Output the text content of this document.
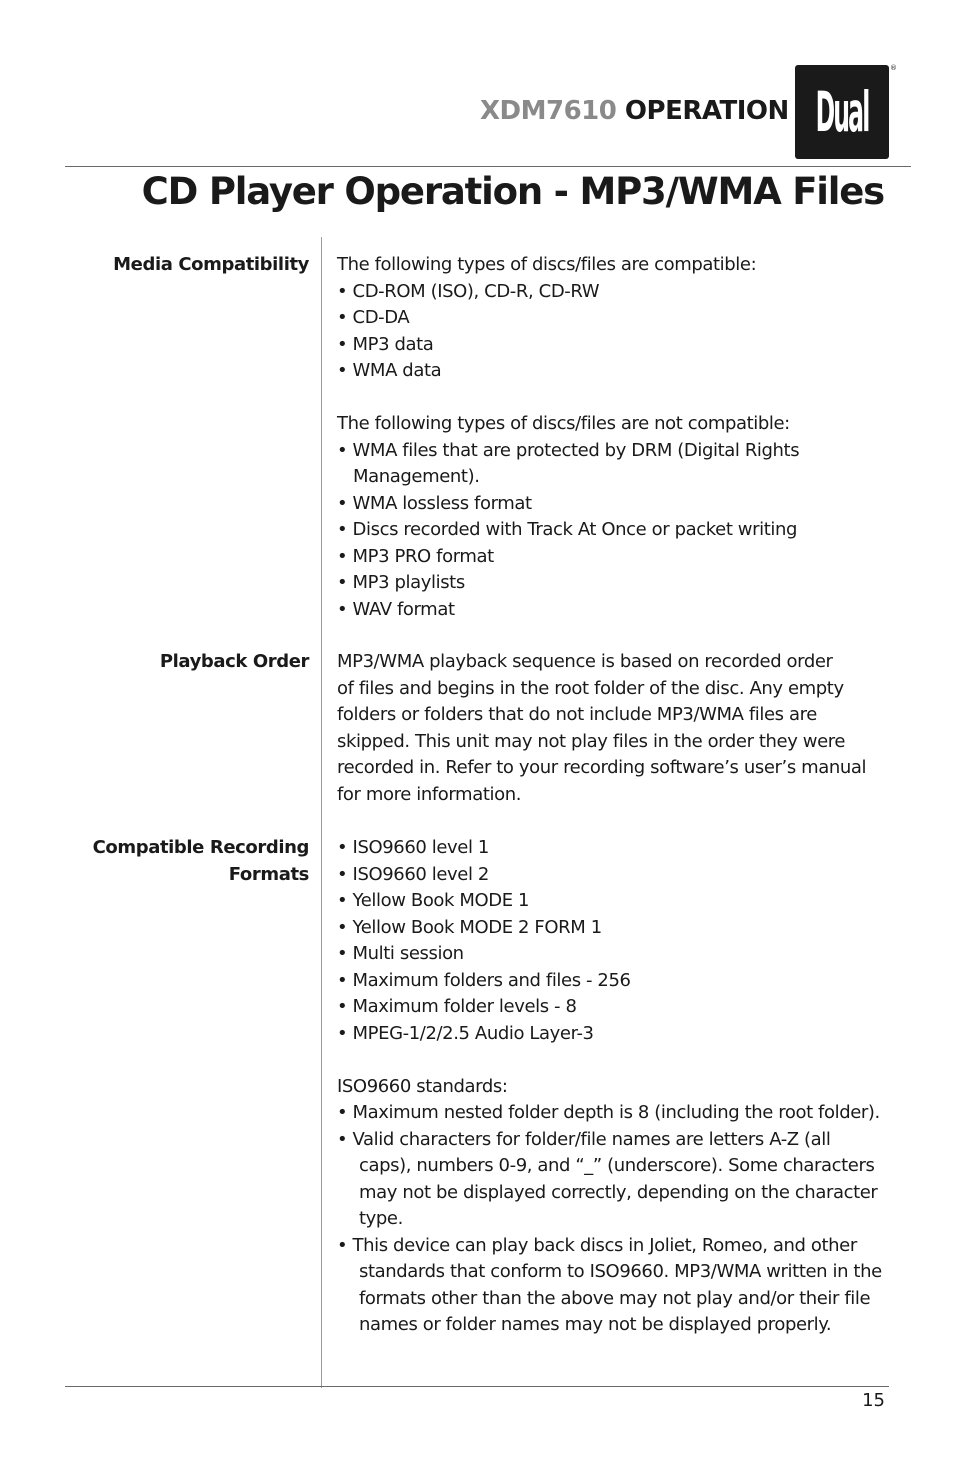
XDM7610 OPERATION Dual
®
CD Player Operation - MP3/WMA Files
Media Compatibility The following types of discs/files are compatible:
• CD-ROM (ISO), CD-R, CD-RW
• CD-DA
• MP3 data
• WMA data
The following types of discs/files are not compatible:
• WMA files that are protected by DRM (Digital Rights
Management).
• WMA lossless format
• Discs recorded with Track At Once or packet writing
• MP3 PRO format
• MP3 playlists
• WAV format
Playback Order MP3/WMA playback sequence is based on recorded order
of files and begins in the root folder of the disc. Any empty
folders or folders that do not include MP3/WMA files are
skipped. This unit may not play files in the order they were
recorded in. Refer to your recording software’s user’s manual
for more information.
Compatible Recording
Formats
• ISO9660 level 1
• ISO9660 level 2
• Yellow Book MODE 1
• Yellow Book MODE 2 FORM 1
• Multi session
• Maximum folders and files - 256
• Maximum folder levels - 8
• MPEG-1/2/2.5 Audio Layer-3
ISO9660 standards:
• Maximum nested folder depth is 8 (including the root folder).
• Valid characters for folder/file names are letters A-Z (all
caps), numbers 0-9, and “_” (underscore). Some characters
may not be displayed correctly, depending on the character
type.
• This device can play back discs in Joliet, Romeo, and other
standards that conform to ISO9660. MP3/WMA written in the
formats other than the above may not play and/or their file
names or folder names may not be displayed properly.
15
